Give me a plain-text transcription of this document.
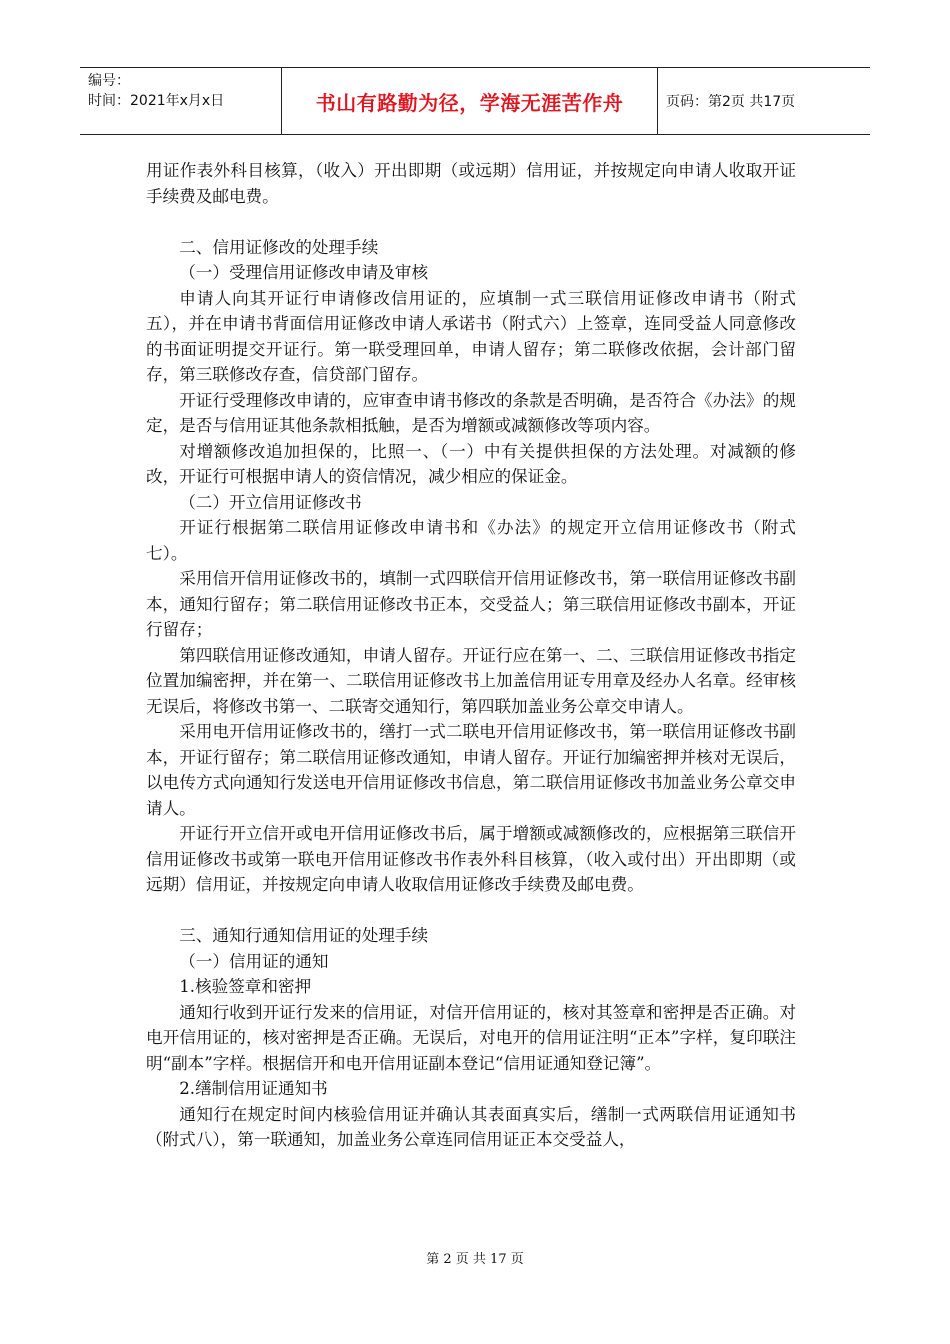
编号：
时间：2021年x月x日	书山有路勤为径，学海无涯苦作舟	页码：第2页 共17页

用证作表外科目核算，（收入）开出即期（或远期）信用证，并按规定向申请人收取开证手续费及邮电费。

二、信用证修改的处理手续

（一）受理信用证修改申请及审核

申请人向其开证行申请修改信用证的，应填制一式三联信用证修改申请书（附式五），并在申请书背面信用证修改申请人承诺书（附式六）上签章，连同受益人同意修改的书面证明提交开证行。第一联受理回单，申请人留存；第二联修改依据，会计部门留存，第三联修改存查，信贷部门留存。

开证行受理修改申请的，应审查申请书修改的条款是否明确，是否符合《办法》的规定，是否与信用证其他条款相抵触，是否为增额或减额修改等项内容。

对增额修改追加担保的，比照一、（一）中有关提供担保的方法处理。对减额的修改，开证行可根据申请人的资信情况，减少相应的保证金。

（二）开立信用证修改书

开证行根据第二联信用证修改申请书和《办法》的规定开立信用证修改书（附式七）。

采用信开信用证修改书的，填制一式四联信开信用证修改书，第一联信用证修改书副本，通知行留存；第二联信用证修改书正本，交受益人；第三联信用证修改书副本，开证行留存；

第四联信用证修改通知，申请人留存。开证行应在第一、二、三联信用证修改书指定位置加编密押，并在第一、二联信用证修改书上加盖信用证专用章及经办人名章。经审核无误后，将修改书第一、二联寄交通知行，第四联加盖业务公章交申请人。

采用电开信用证修改书的，缮打一式二联电开信用证修改书，第一联信用证修改书副本，开证行留存；第二联信用证修改通知，申请人留存。开证行加编密押并核对无误后，以电传方式向通知行发送电开信用证修改书信息，第二联信用证修改书加盖业务公章交申请人。

开证行开立信开或电开信用证修改书后，属于增额或减额修改的，应根据第三联信开信用证修改书或第一联电开信用证修改书作表外科目核算，（收入或付出）开出即期（或远期）信用证，并按规定向申请人收取信用证修改手续费及邮电费。

三、通知行通知信用证的处理手续

（一）信用证的通知

1.核验签章和密押

通知行收到开证行发来的信用证，对信开信用证的，核对其签章和密押是否正确。对电开信用证的，核对密押是否正确。无误后，对电开的信用证注明“正本”字样，复印联注明“副本”字样。根据信开和电开信用证副本登记“信用证通知登记簿”。

2.缮制信用证通知书

通知行在规定时间内核验信用证并确认其表面真实后，缮制一式两联信用证通知书（附式八），第一联通知，加盖业务公章连同信用证正本交受益人，

第 2 页 共 17 页
